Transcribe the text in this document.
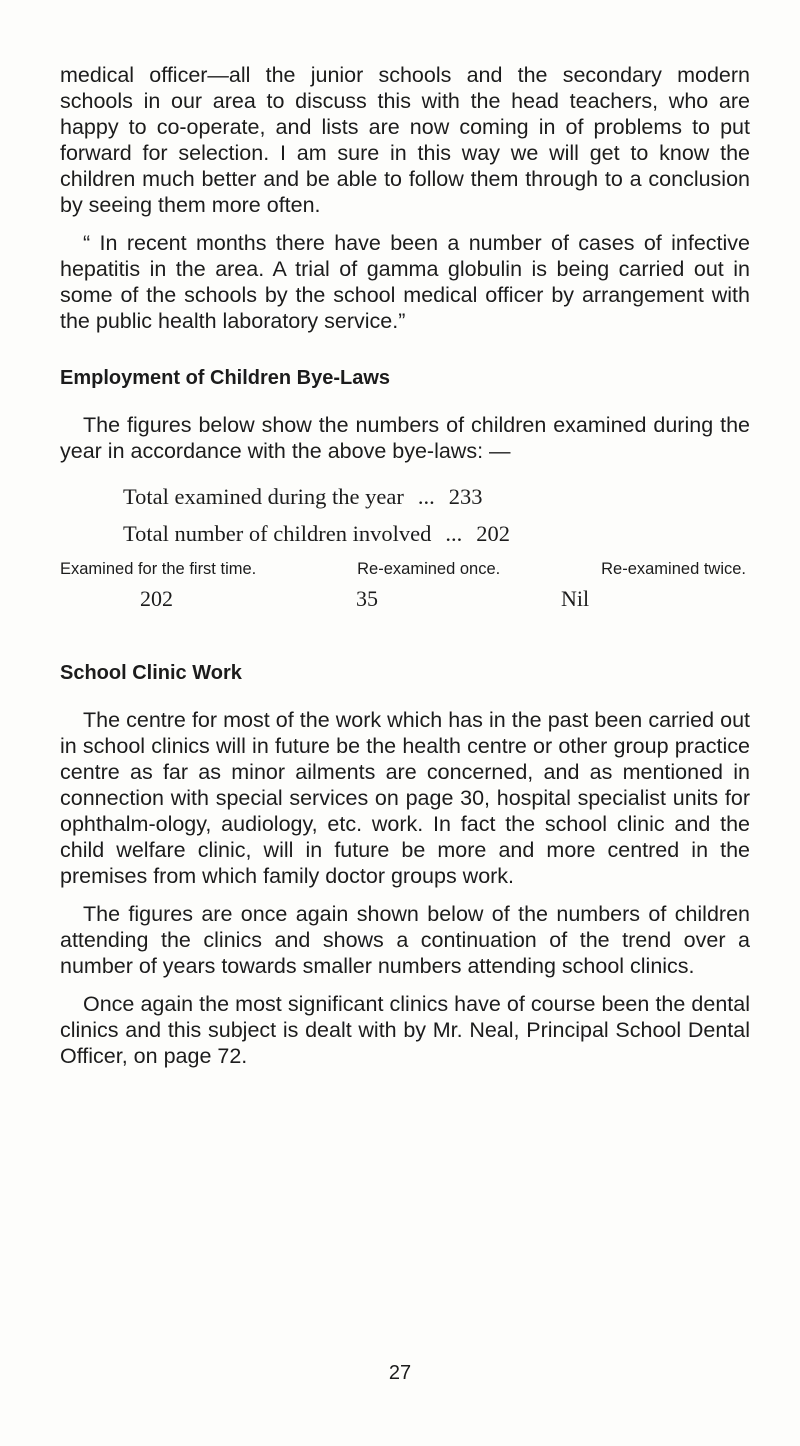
medical officer—all the junior schools and the secondary modern schools in our area to discuss this with the head teachers, who are happy to co-operate, and lists are now coming in of problems to put forward for selection. I am sure in this way we will get to know the children much better and be able to follow them through to a conclusion by seeing them more often.

“ In recent months there have been a number of cases of infective hepatitis in the area. A trial of gamma globulin is being carried out in some of the schools by the school medical officer by arrangement with the public health laboratory service.”

Employment of Children Bye-Laws

The figures below show the numbers of children examined during the year in accordance with the above bye-laws: —

Total examined during the year ... 233
Total number of children involved ... 202
Examined for the first time.	Re-examined once.	Re-examined twice.
202	35	Nil
School Clinic Work

The centre for most of the work which has in the past been carried out in school clinics will in future be the health centre or other group practice centre as far as minor ailments are concerned, and as mentioned in connection with special services on page 30, hospital specialist units for ophthalm-ology, audiology, etc. work. In fact the school clinic and the child welfare clinic, will in future be more and more centred in the premises from which family doctor groups work.

The figures are once again shown below of the numbers of children attending the clinics and shows a continuation of the trend over a number of years towards smaller numbers attending school clinics.

Once again the most significant clinics have of course been the dental clinics and this subject is dealt with by Mr. Neal, Principal School Dental Officer, on page 72.

27
